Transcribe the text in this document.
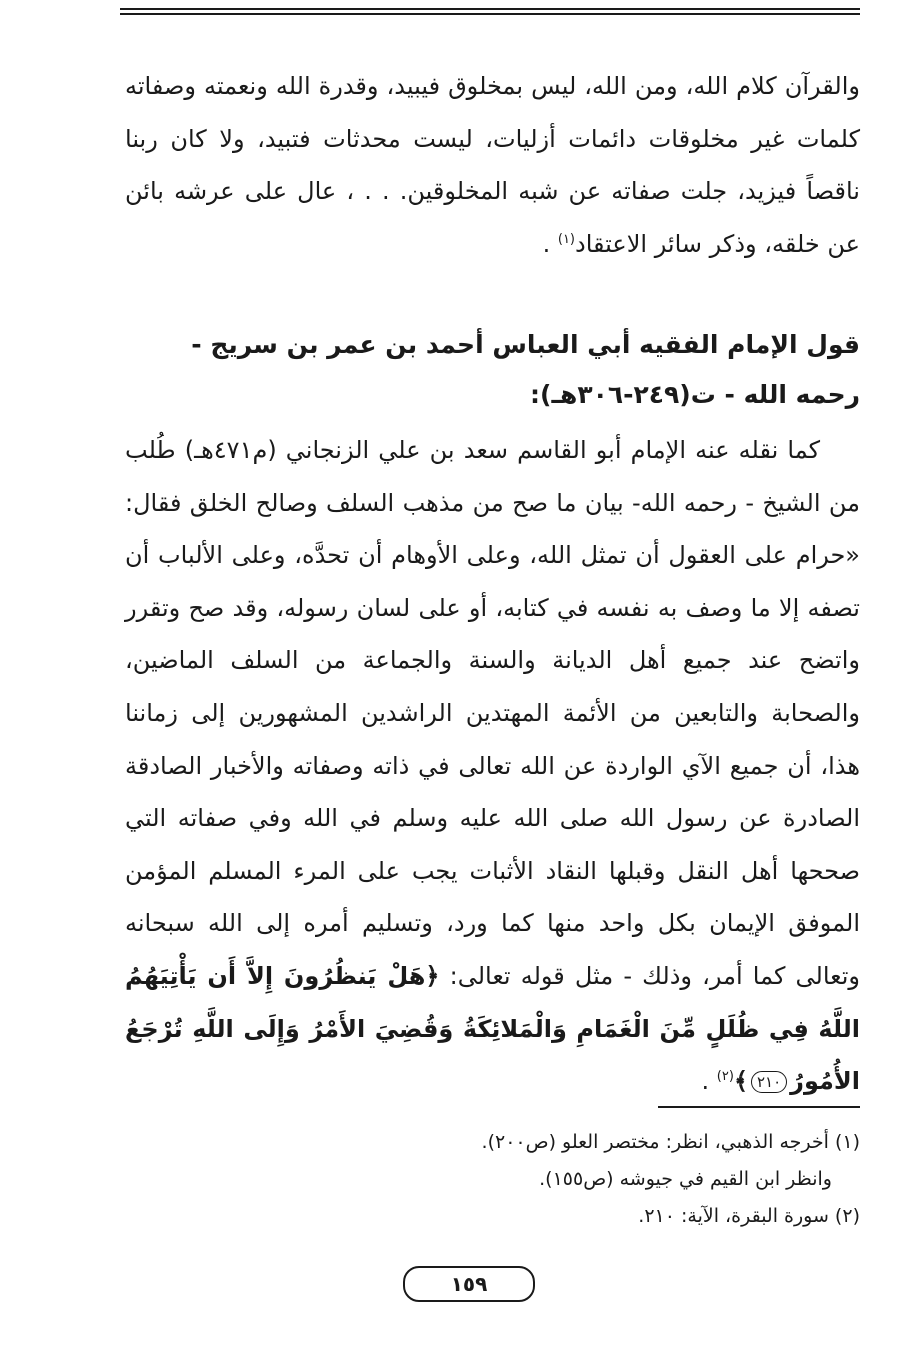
والقرآن كلام الله، ومن الله، ليس بمخلوق فيبيد، وقدرة الله ونعمته وصفاته كلمات غير مخلوقات دائمات أزليات، ليست محدثات فتبيد، ولا كان ربنا ناقصاً فيزيد، جلت صفاته عن شبه المخلوقين. . . ، عال على عرشه بائن عن خلقه، وذكر سائر الاعتقاد$^{(١)}$ .

قول الإمام الفقيه أبي العباس أحمد بن عمر بن سريج - رحمه الله - ت(٢٤٩-٣٠٦هـ):

كما نقله عنه الإمام أبو القاسم سعد بن علي الزنجاني (م٤٧١هـ) طُلب من الشيخ - رحمه الله- بيان ما صح من مذهب السلف وصالح الخلق فقال: «حرام على العقول أن تمثل الله، وعلى الأوهام أن تحدَّه، وعلى الألباب أن تصفه إلا ما وصف به نفسه في كتابه، أو على لسان رسوله، وقد صح وتقرر واتضح عند جميع أهل الديانة والسنة والجماعة من السلف الماضين، والصحابة والتابعين من الأئمة المهتدين الراشدين المشهورين إلى زماننا هذا، أن جميع الآي الواردة عن الله تعالى في ذاته وصفاته والأخبار الصادقة الصادرة عن رسول الله صلى الله عليه وسلم في الله وفي صفاته التي صححها أهل النقل وقبلها النقاد الأثبات يجب على المرء المسلم المؤمن الموفق الإيمان بكل واحد منها كما ورد، وتسليم أمره إلى الله سبحانه وتعالى كما أمر، وذلك - مثل قوله تعالى: ﴿هَلْ يَنظُرُونَ إِلاَّ أَن يَأْتِيَهُمُ اللَّهُ فِي ظُلَلٍ مِّنَ الْغَمَامِ وَالْمَلائِكَةُ وَقُضِيَ الأَمْرُ وَإِلَى اللَّهِ تُرْجَعُ الأُمُورُ٢١٠﴾$^{(٢)}$ .

(١) أخرجه الذهبي، انظر: مختصر العلو (ص٢٠٠).
وانظر ابن القيم في جيوشه (ص١٥٥).
(٢) سورة البقرة، الآية: ٢١٠.
١٥٩
